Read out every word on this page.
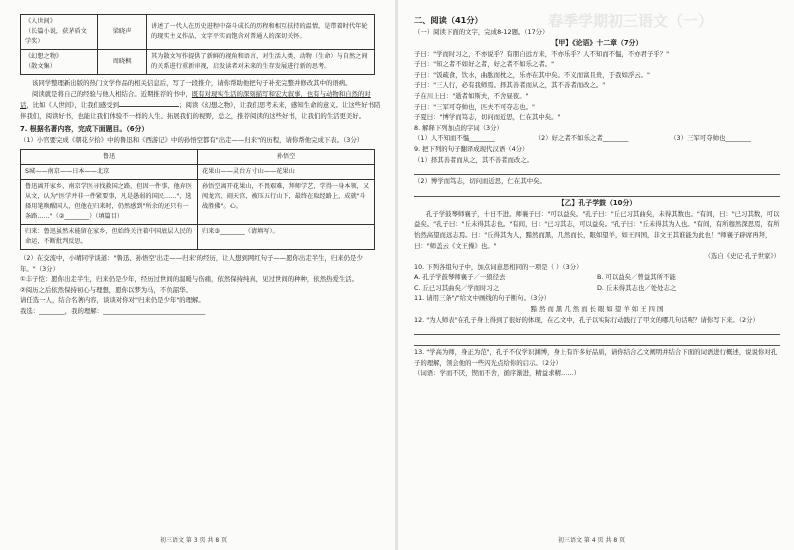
《人世间》
（长篇小说，获茅盾文学奖）	梁晓声	讲述了一代人在历史进程中奋斗成长的历程和相互扶持的温情，是带着时代年轮的现实主义作品，文字平实而饱含对普通人的深切关怀。
《幻想之物》
（散文集）	周晓枫	其为散文写作提供了新鲜的视角和语言，对生活人类、动物（生命）与自然之间的关系进行重新审视，启发读者对未来的生存发展进行新的思考。

该同学整理新出版的热门文学作品的相关信息后，写了一段推介，请你帮助他把句子补充完整并修改其中的语病。

阅读就是将自己的经验与他人相结合。近期推荐的书中，既有对现实生活的深刻描写和宏大叙事，也有与动物和自然的对话，比如《人世间》，让我们感受到	；阅读《幻想之物》，让我们思考未来，感知生命的意义。让这些好书陪伴我们，阅读好书，也能让我们体验不一样的人生、拓展我们的视野，总之，推荐阅读的这些好书，让我们的生活更美好。

7. 根据名著内容，完成下面题目。（6分）

（1）小官要完成《朝花夕拾》中的鲁迅和《西游记》中的孙悟空都有"出走——归来"的历程，请你帮他完成下表。（3分）

鲁迅	孙悟空
S城——南京——日本——北京	花果山——灵台方寸山——花果山
鲁迅离开家乡，南京学医寻找救国之路，但因一件事，他弃医从文，认为"医学并非一件紧要事，凡是愚弱的国民……"，选择用笔唤醒国人，但他在归来时，仍然感到"所余的还只有一条路……"（②________）（填篇目）	孙悟空离开花果山，不畏艰难，拜师学艺，学得一身本领，又闯龙宫、闹天宫，被压五行山下，最终在取经路上，成就"斗战胜佛"。心。
归来：鲁迅虽然未能留在家乡，但始终关注着中国底层人民的命运，不断批判反思。	归来③________（请填写）。

（2）在交流中，小晴同学谈道："鲁迅、孙悟空'出走——归来'的经历，让人想到网红句子——愿你出走半生，归来仍是少年。"（3分）

①丰子恺：愿你出走半生，归来仍是少年，经历过世间的温暖与伤痛，依然保持纯真，见过世间的种种，依然热爱生活。

②阅历之后依然保持初心与理想，愿你以梦为马，不负韶华。

请任选一人，结合名著内容，谈谈对你对"归来仍是少年"的理解。

我选：________，我的理解：________________________________

初三语文 第 3 页 共 8 页
春季学期初三语文（一）

二、阅读（41分）

（一）阅读下面的文字，完成8-12题。（17分）

【甲】《论语》十二章（7分）

子曰："学而时习之，不亦说乎？有朋自远方来，不亦乐乎？人不知而不愠，不亦君子乎？"

子曰："知之者不如好之者，好之者不如乐之者。"

子曰："饭疏食，饮水，曲肱而枕之，乐亦在其中矣。不义而富且贵，于我如浮云。"

子曰："三人行，必有我师焉。择其善者而从之，其不善者而改之。"

子在川上曰："逝者如斯夫，不舍昼夜。"

子曰："三军可夺帅也，匹夫不可夺志也。"

子夏曰："博学而笃志，切问而近思，仁在其中矣。"

8. 解释下列加点的字词（3分）

（1）人不知而不愠________	（2）好之者不如乐之者________	（3）三军可夺帅也________

9. 把下列的句子翻译成现代汉语（4分）

（1）择其善者而从之，其不善者而改之。

（2）博学而笃志，切问而近思，仁在其中矣。

【乙】孔子学鼓（10分）

孔子学鼓琴师襄子，十日不进。师襄子曰："可以益矣。"孔子曰："丘已习其曲矣，未得其数也。"有间，曰："已习其数，可以益矣。"孔子曰："丘未得其志也。"有间，曰："已习其志，可以益矣。"孔子曰："丘未得其为人也。"有间，有所穆然深思焉，有所怡然高望而远志焉。曰："丘得其为人，黯然而黑，几然而长，眼如望羊，如王四国，非文王其谁能为此也！"师襄子辟席再拜，曰："师盖云《文王操》也。"

（选自《史记·孔子世家》）

10. 下列各组句子中，加点词意思相同的一项是（ ）（3分）

A. 孔子学鼓琴师襄子／一狼径去	B. 可以益矣／曾益其所不能
C. 丘已习其曲矣／学而时习之	D. 丘未得其志也／处处志之

11. 请用三条"/"给文中画线的句子断句。（3分）

黯 然 而 黑 几 然 而 长 眼 如 望 羊 如 王 四 国

12. "为人师表"在孔子身上得到了很好的体现，在乙文中，孔子以实际行动践行了甲文的哪几句话呢？请你写下来。（2分）

13. "学高为师，身正为范"，孔子不仅学识渊博，身上有许多好品质，请你结合乙文阐明并结合下面的词语进行概述，说说你对孔子的理解，领会他的一些闪光点给你的启示。（2分）

（词语：学而不厌，锲而不舍，循序渐进，精益求精……）

初三语文 第 4 页 共 8 页
